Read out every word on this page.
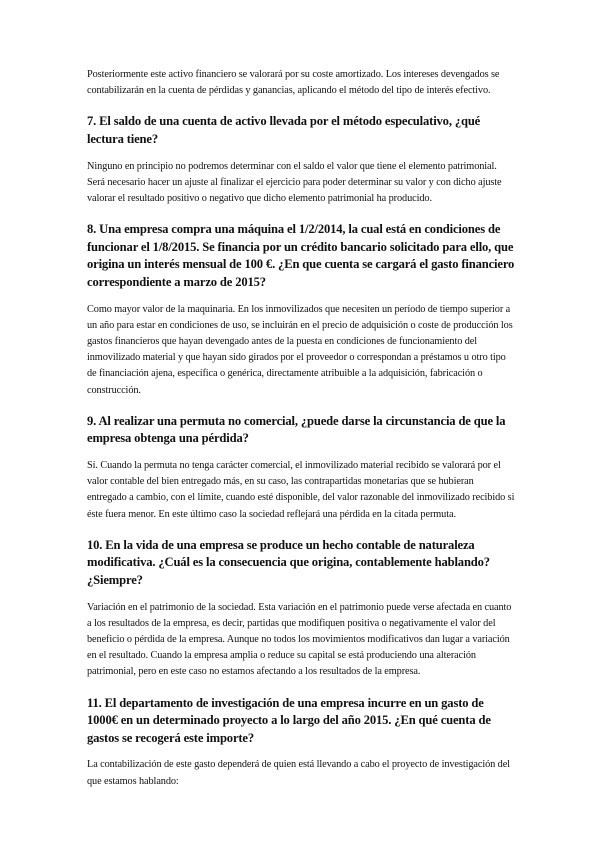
Posteriormente este activo financiero se valorará por su coste amortizado. Los intereses devengados se contabilizarán en la cuenta de pérdidas y ganancias, aplicando el método del tipo de interés efectivo.

7. El saldo de una cuenta de activo llevada por el método especulativo, ¿qué lectura tiene?

Ninguno en principio no podremos determinar con el saldo el valor que tiene el elemento patrimonial. Será necesario hacer un ajuste al finalizar el ejercicio para poder determinar su valor y con dicho ajuste valorar el resultado positivo o negativo que dicho elemento patrimonial ha producido.

8. Una empresa compra una máquina el 1/2/2014, la cual está en condiciones de funcionar el 1/8/2015. Se financia por un crédito bancario solicitado para ello, que origina un interés mensual de 100 €. ¿En que cuenta se cargará el gasto financiero correspondiente a marzo de 2015?

Como mayor valor de la maquinaria. En los inmovilizados que necesiten un período de tiempo superior a un año para estar en condiciones de uso, se incluirán en el precio de adquisición o coste de producción los gastos financieros que hayan devengado antes de la puesta en condiciones de funcionamiento del inmovilizado material y que hayan sido girados por el proveedor o correspondan a préstamos u otro tipo de financiación ajena, específica o genérica, directamente atribuible a la adquisición, fabricación o construcción.

9. Al realizar una permuta no comercial, ¿puede darse la circunstancia de que la empresa obtenga una pérdida?

Sí. Cuando la permuta no tenga carácter comercial, el inmovilizado material recibido se valorará por el valor contable del bien entregado más, en su caso, las contrapartidas monetarias que se hubieran entregado a cambio, con el límite, cuando esté disponible, del valor razonable del inmovilizado recibido si éste fuera menor. En este último caso la sociedad reflejará una pérdida en la citada permuta.

10. En la vida de una empresa se produce un hecho contable de naturaleza modificativa. ¿Cuál es la consecuencia que origina, contablemente hablando? ¿Siempre?

Variación en el patrimonio de la sociedad. Esta variación en el patrimonio puede verse afectada en cuanto a los resultados de la empresa, es decir, partidas que modifiquen positiva o negativamente el valor del beneficio o pérdida de la empresa. Aunque no todos los movimientos modificativos dan lugar a variación en el resultado. Cuando la empresa amplia o reduce su capital se está produciendo una alteración patrimonial, pero en este caso no estamos afectando a los resultados de la empresa.

11. El departamento de investigación de una empresa incurre en un gasto de 1000€ en un determinado proyecto a lo largo del año 2015. ¿En qué cuenta de gastos se recogerá este importe?

La contabilización de este gasto dependerá de quien está llevando a cabo el proyecto de investigación del que estamos hablando:
